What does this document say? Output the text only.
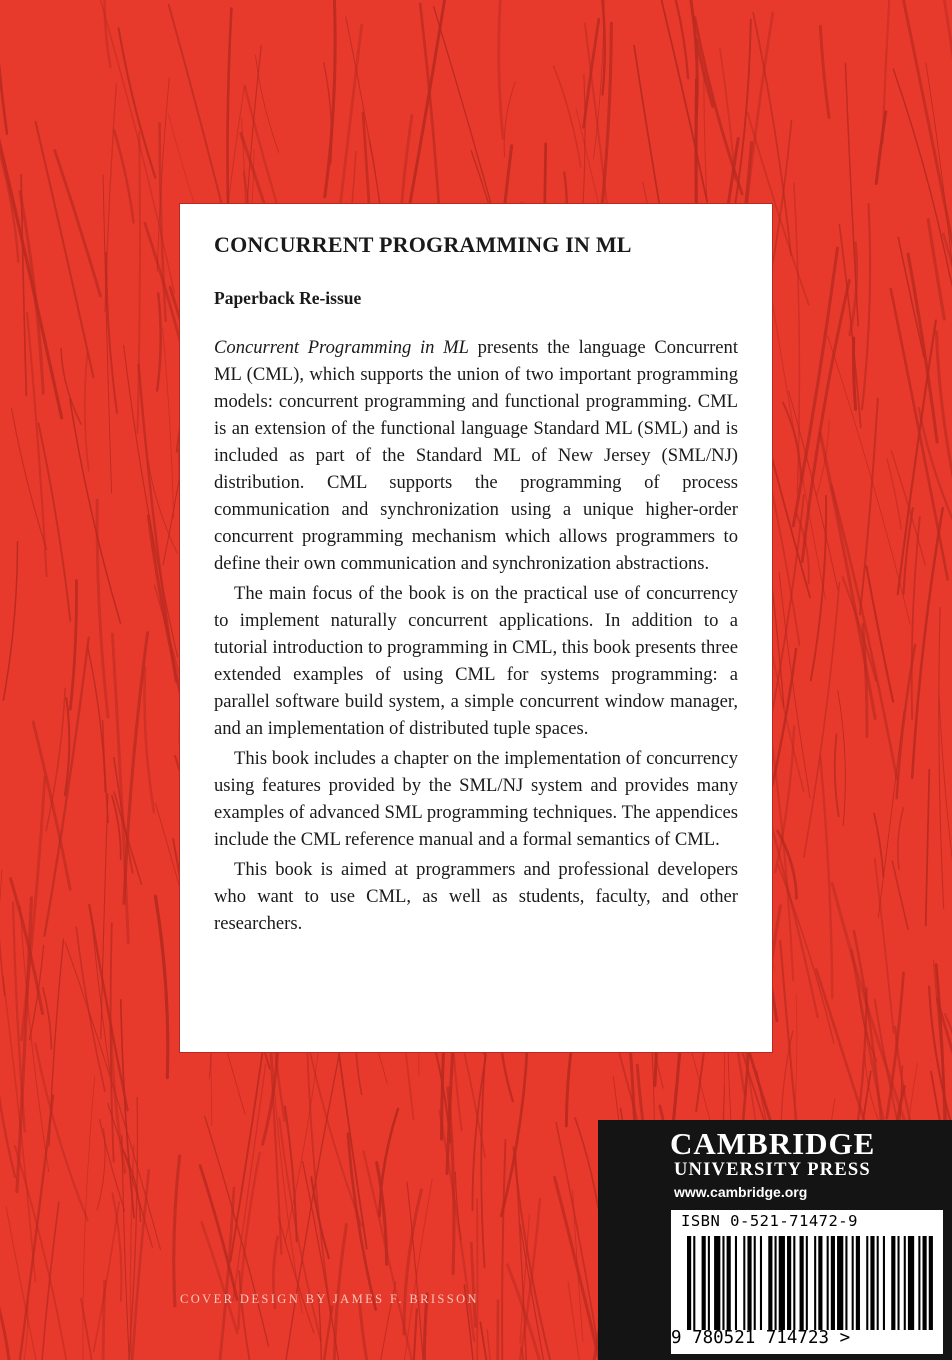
CONCURRENT PROGRAMMING IN ML
Paperback Re-issue

Concurrent Programming in ML presents the language Concurrent ML (CML), which supports the union of two important programming models: concurrent programming and functional programming. CML is an extension of the functional language Standard ML (SML) and is included as part of the Standard ML of New Jersey (SML/NJ) distribution. CML supports the programming of process communication and synchronization using a unique higher-order concurrent programming mechanism which allows programmers to define their own communication and synchronization abstractions.

The main focus of the book is on the practical use of concurrency to implement naturally concurrent applications. In addition to a tutorial introduction to programming in CML, this book presents three extended examples of using CML for systems programming: a parallel software build system, a simple concurrent window manager, and an implementation of distributed tuple spaces.

This book includes a chapter on the implementation of concurrency using features provided by the SML/NJ system and provides many examples of advanced SML programming techniques. The appendices include the CML reference manual and a formal semantics of CML.

This book is aimed at programmers and professional developers who want to use CML, as well as students, faculty, and other researchers.

COVER DESIGN BY JAMES F. BRISSON
CAMBRIDGE
UNIVERSITY PRESS
www.cambridge.org
ISBN 0-521-71472-9
9 780521 714723 >
